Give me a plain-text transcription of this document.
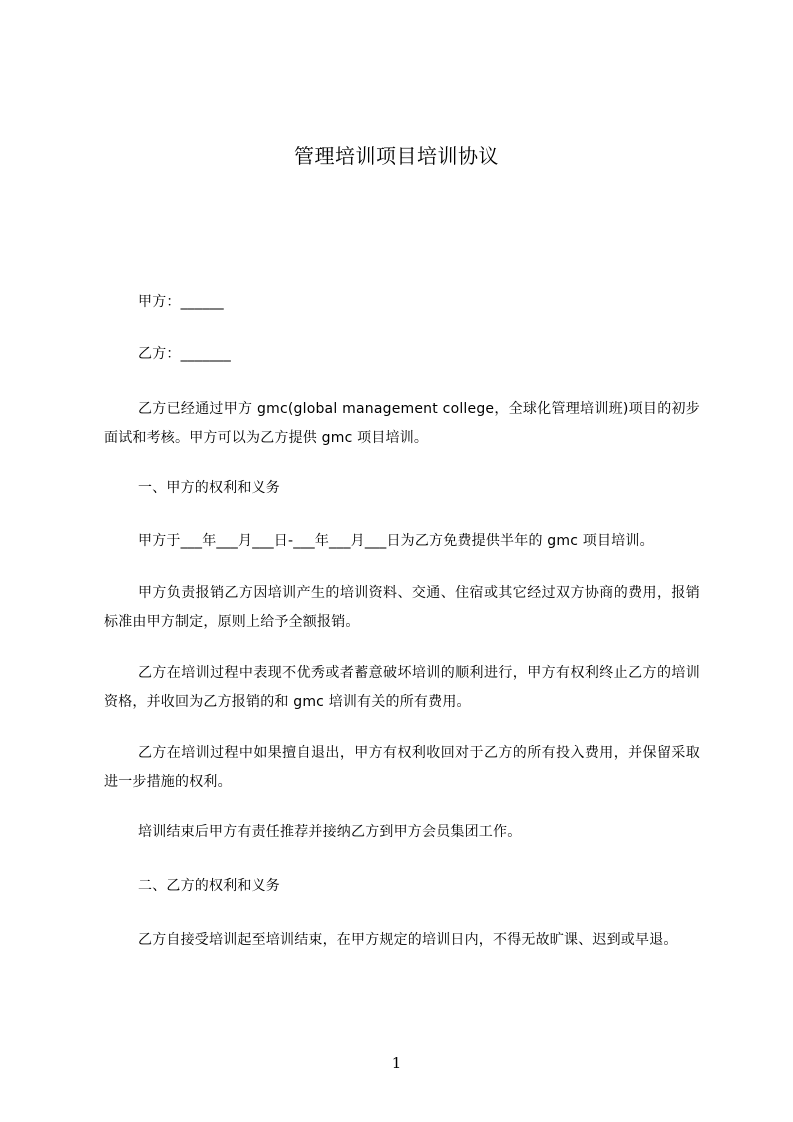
管理培训项目培训协议

甲方：______

乙方：_______

乙方已经通过甲方 gmc(global management college，全球化管理培训班)项目的初步面试和考核。甲方可以为乙方提供 gmc 项目培训。

一、甲方的权利和义务

甲方于___年___月___日-___年___月___日为乙方免费提供半年的 gmc 项目培训。

甲方负责报销乙方因培训产生的培训资料、交通、住宿或其它经过双方协商的费用，报销标准由甲方制定，原则上给予全额报销。

乙方在培训过程中表现不优秀或者蓄意破坏培训的顺利进行，甲方有权利终止乙方的培训资格，并收回为乙方报销的和 gmc 培训有关的所有费用。

乙方在培训过程中如果擅自退出，甲方有权利收回对于乙方的所有投入费用，并保留采取进一步措施的权利。

培训结束后甲方有责任推荐并接纳乙方到甲方会员集团工作。

二、乙方的权利和义务

乙方自接受培训起至培训结束，在甲方规定的培训日内，不得无故旷课、迟到或早退。

1
